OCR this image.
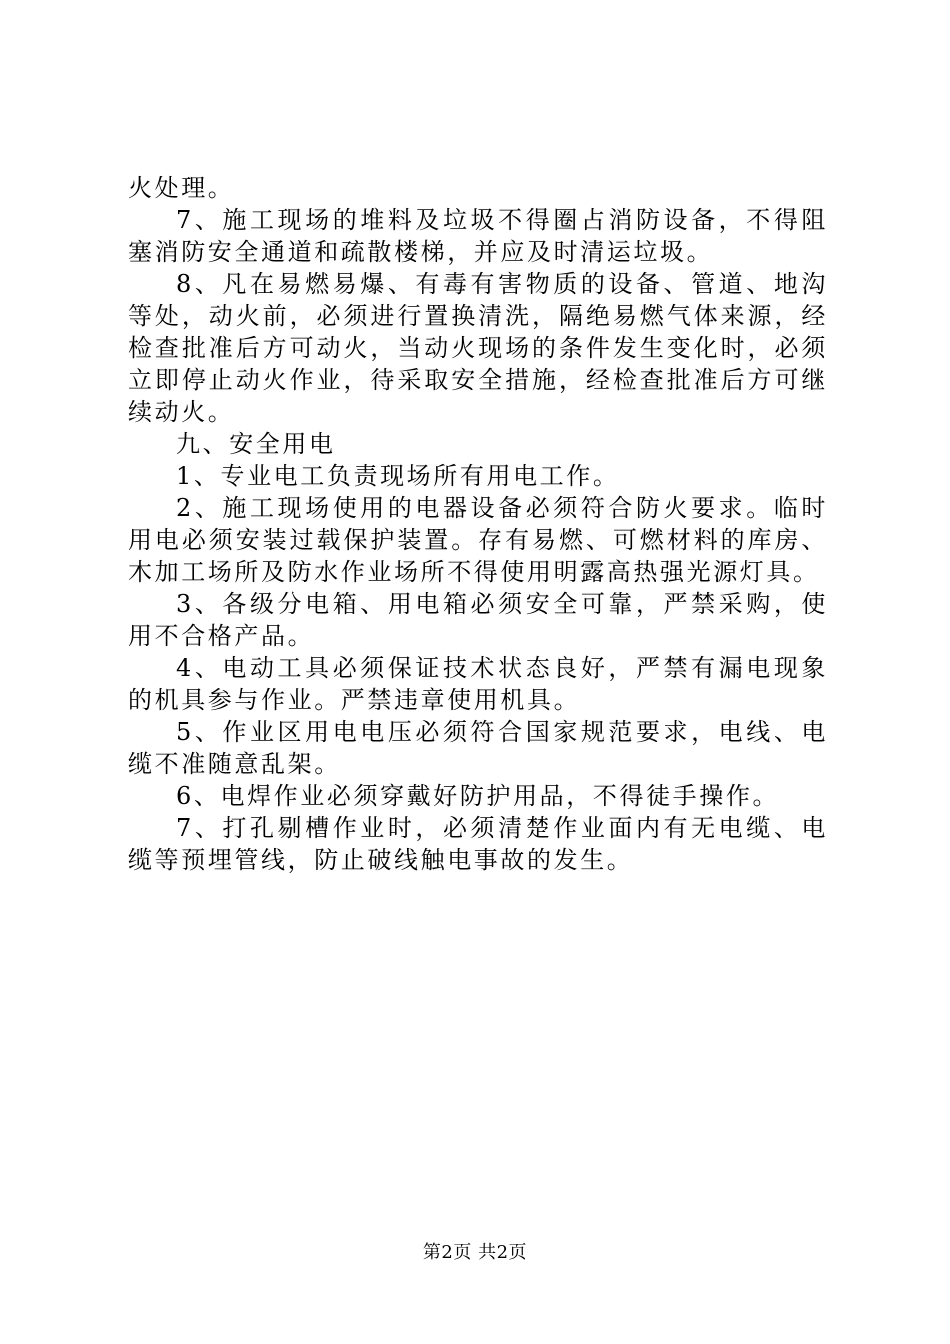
火处理。

7、施工现场的堆料及垃圾不得圈占消防设备，不得阻塞消防安全通道和疏散楼梯，并应及时清运垃圾。

8、凡在易燃易爆、有毒有害物质的设备、管道、地沟等处，动火前，必须进行置换清洗，隔绝易燃气体来源，经检查批准后方可动火，当动火现场的条件发生变化时，必须立即停止动火作业，待采取安全措施，经检查批准后方可继续动火。

九、安全用电

1、专业电工负责现场所有用电工作。

2、施工现场使用的电器设备必须符合防火要求。临时用电必须安装过载保护装置。存有易燃、可燃材料的库房、木加工场所及防水作业场所不得使用明露高热强光源灯具。

3、各级分电箱、用电箱必须安全可靠，严禁采购，使用不合格产品。

4、电动工具必须保证技术状态良好，严禁有漏电现象的机具参与作业。严禁违章使用机具。

5、作业区用电电压必须符合国家规范要求，电线、电缆不准随意乱架。

6、电焊作业必须穿戴好防护用品，不得徒手操作。

7、打孔剔槽作业时，必须清楚作业面内有无电缆、电缆等预埋管线，防止破线触电事故的发生。

第2页 共2页
